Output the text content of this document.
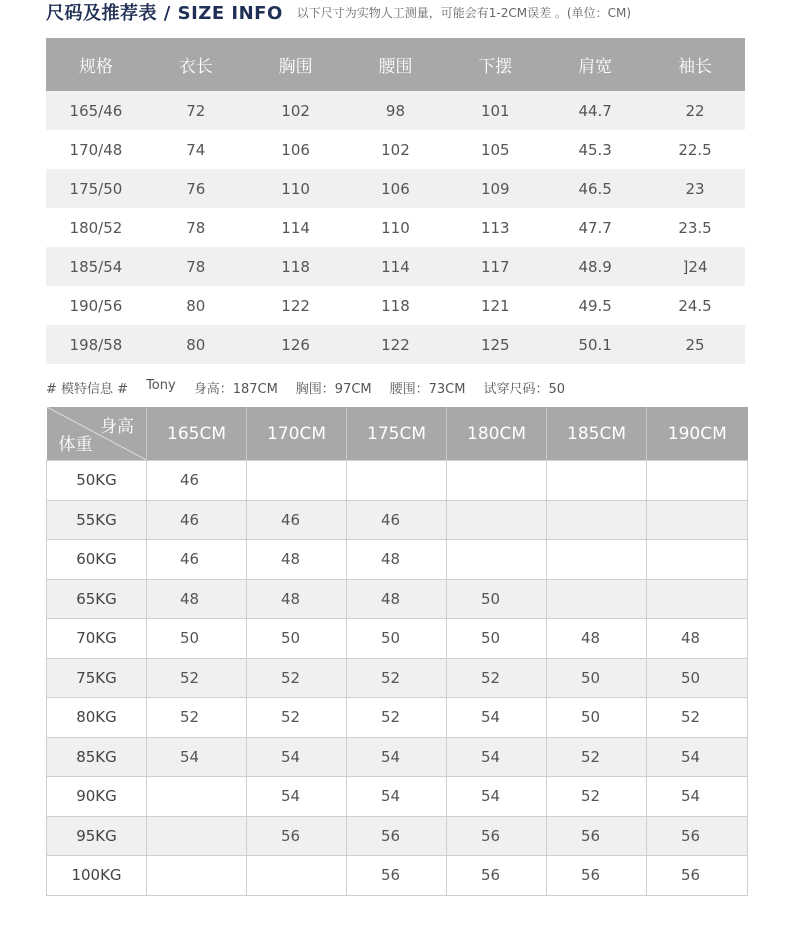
尺码及推荐表 / SIZE INFO 以下尺寸为实物人工测量，可能会有1-2CM误差 。(单位：CM)
规格	衣长	胸围	腰围	下摆	肩宽	袖长
165/46	72	102	98	101	44.7	22
170/48	74	106	102	105	45.3	22.5
175/50	76	110	106	109	46.5	23
180/52	78	114	110	113	47.7	23.5
185/54	78	118	114	117	48.9	]24
190/56	80	122	118	121	49.5	24.5
198/58	80	126	122	125	50.1	25
# 模特信息 # Tony 身高：187CM 胸围：97CM 腰围：73CM 试穿尺码：50
身高
体重	165CM	170CM	175CM	180CM	185CM	190CM
50KG	46					
55KG	46	46	46			
60KG	46	48	48			
65KG	48	48	48	50		
70KG	50	50	50	50	48	48
75KG	52	52	52	52	50	50
80KG	52	52	52	54	50	52
85KG	54	54	54	54	52	54
90KG		54	54	54	52	54
95KG		56	56	56	56	56
100KG			56	56	56	56
